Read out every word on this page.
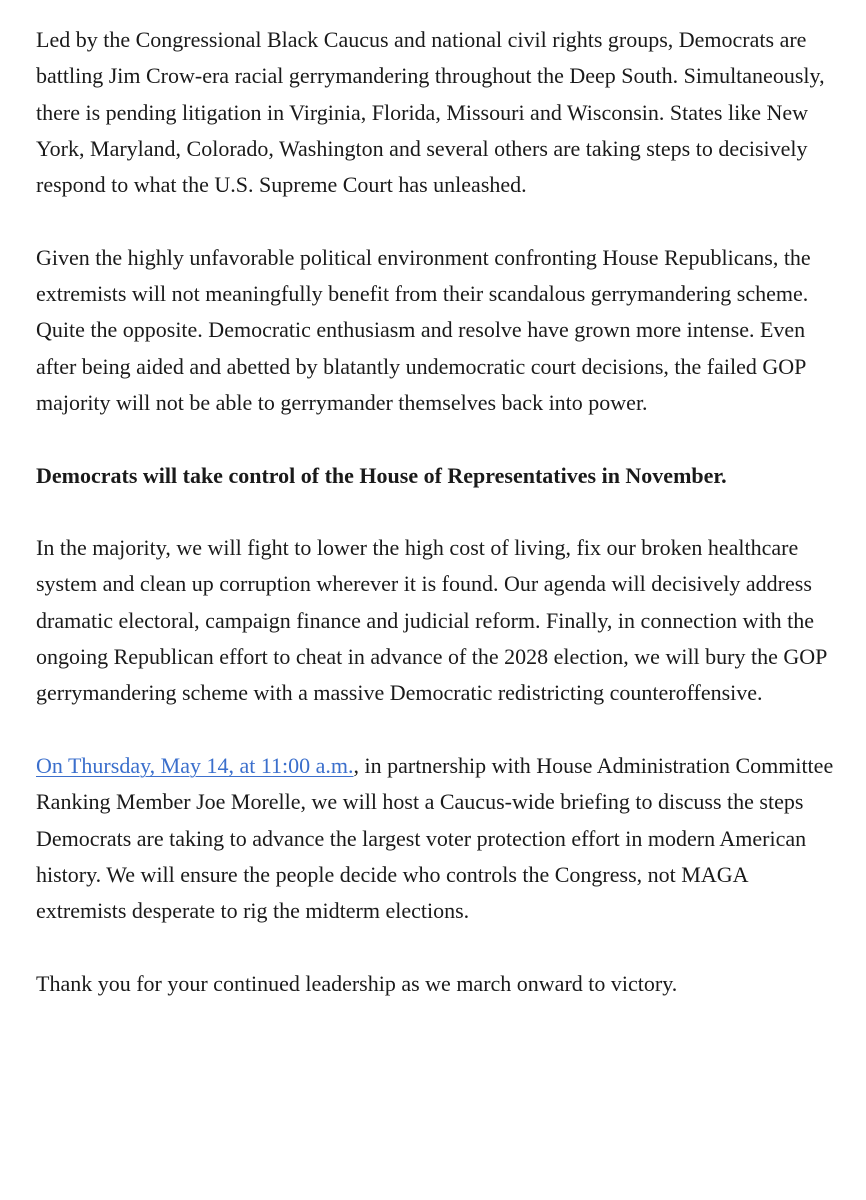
Led by the Congressional Black Caucus and national civil rights groups, Democrats are battling Jim Crow-era racial gerrymandering throughout the Deep South. Simultaneously, there is pending litigation in Virginia, Florida, Missouri and Wisconsin. States like New York, Maryland, Colorado, Washington and several others are taking steps to decisively respond to what the U.S. Supreme Court has unleashed.

Given the highly unfavorable political environment confronting House Republicans, the extremists will not meaningfully benefit from their scandalous gerrymandering scheme. Quite the opposite. Democratic enthusiasm and resolve have grown more intense. Even after being aided and abetted by blatantly undemocratic court decisions, the failed GOP majority will not be able to gerrymander themselves back into power.

Democrats will take control of the House of Representatives in November.

In the majority, we will fight to lower the high cost of living, fix our broken healthcare system and clean up corruption wherever it is found. Our agenda will decisively address dramatic electoral, campaign finance and judicial reform. Finally, in connection with the ongoing Republican effort to cheat in advance of the 2028 election, we will bury the GOP gerrymandering scheme with a massive Democratic redistricting counteroffensive.

On Thursday, May 14, at 11:00 a.m., in partnership with House Administration Committee Ranking Member Joe Morelle, we will host a Caucus-wide briefing to discuss the steps Democrats are taking to advance the largest voter protection effort in modern American history. We will ensure the people decide who controls the Congress, not MAGA extremists desperate to rig the midterm elections.

Thank you for your continued leadership as we march onward to victory.
